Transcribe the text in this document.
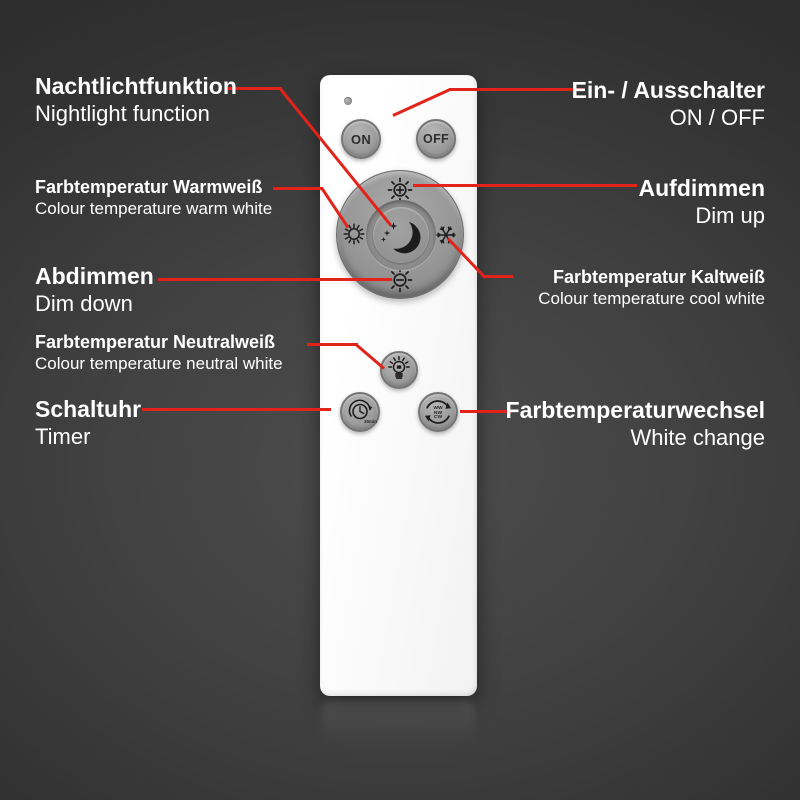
ON	OFF
30min
WW
NW
CW
Nachtlichtfunktion
Nightlight function
Farbtemperatur Warmweiß
Colour temperature warm white
Abdimmen
Dim down
Farbtemperatur Neutralweiß
Colour temperature neutral white
Schaltuhr
Timer
Ein- / Ausschalter
ON / OFF
Aufdimmen
Dim up
Farbtemperatur Kaltweiß
Colour temperature cool white
Farbtemperaturwechsel
White change
